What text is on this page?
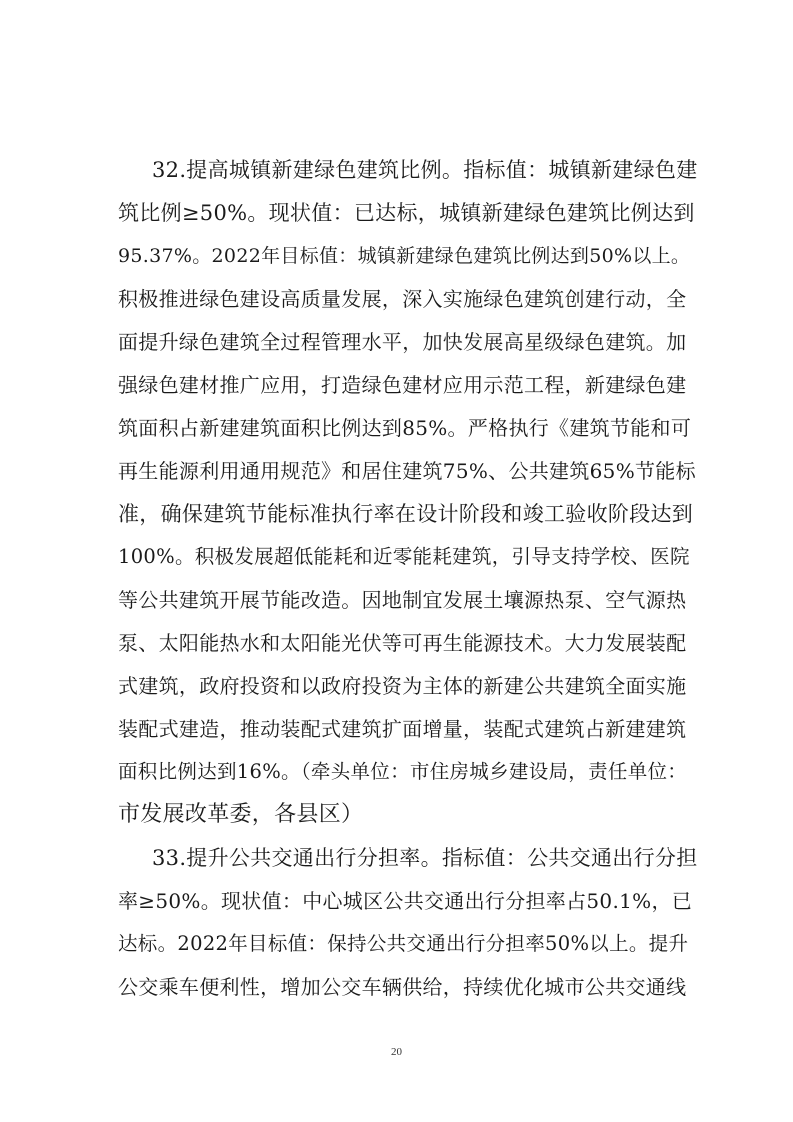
32.提高城镇新建绿色建筑比例。指标值：城镇新建绿色建
筑比例≥50%。现状值：已达标，城镇新建绿色建筑比例达到
95.37%。2022年目标值：城镇新建绿色建筑比例达到50%以上。
积极推进绿色建设高质量发展，深入实施绿色建筑创建行动，全
面提升绿色建筑全过程管理水平，加快发展高星级绿色建筑。加
强绿色建材推广应用，打造绿色建材应用示范工程，新建绿色建
筑面积占新建建筑面积比例达到85%。严格执行《建筑节能和可
再生能源利用通用规范》和居住建筑75%、公共建筑65%节能标
准，确保建筑节能标准执行率在设计阶段和竣工验收阶段达到
100%。积极发展超低能耗和近零能耗建筑，引导支持学校、医院
等公共建筑开展节能改造。因地制宜发展土壤源热泵、空气源热
泵、太阳能热水和太阳能光伏等可再生能源技术。大力发展装配
式建筑，政府投资和以政府投资为主体的新建公共建筑全面实施
装配式建造，推动装配式建筑扩面增量，装配式建筑占新建建筑
面积比例达到16%。（牵头单位：市住房城乡建设局，责任单位：
市发展改革委，各县区）
33.提升公共交通出行分担率。指标值：公共交通出行分担
率≥50%。现状值：中心城区公共交通出行分担率占50.1%，已
达标。2022年目标值：保持公共交通出行分担率50%以上。提升
公交乘车便利性，增加公交车辆供给，持续优化城市公共交通线
20
